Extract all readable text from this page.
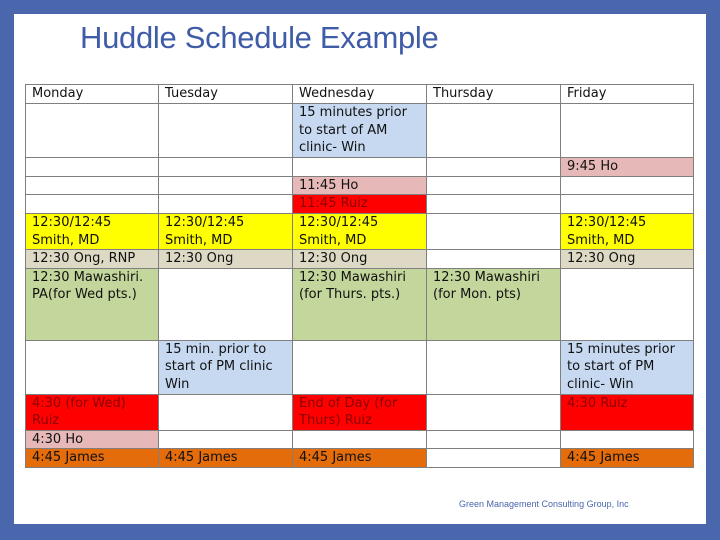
Huddle Schedule Example
Monday	Tuesday	Wednesday	Thursday	Friday
		15 minutes prior to start of AM clinic- Win		
				9:45 Ho
		11:45 Ho		
		11:45 Ruiz		
12:30/12:45 Smith, MD	12:30/12:45 Smith, MD	12:30/12:45 Smith, MD		12:30/12:45 Smith, MD
12:30 Ong, RNP	12:30 Ong	12:30 Ong		12:30 Ong
12:30 Mawashiri. PA(for Wed pts.)		12:30 Mawashiri (for Thurs. pts.)	12:30 Mawashiri (for Mon. pts)	
	15 min. prior to start of PM clinic Win			15 minutes prior to start of PM clinic- Win
4:30 (for Wed) Ruiz		End of Day (for Thurs) Ruiz		4:30 Ruiz
4:30 Ho				
4:45 James	4:45 James	4:45 James		4:45 James
Green Management Consulting Group, Inc
